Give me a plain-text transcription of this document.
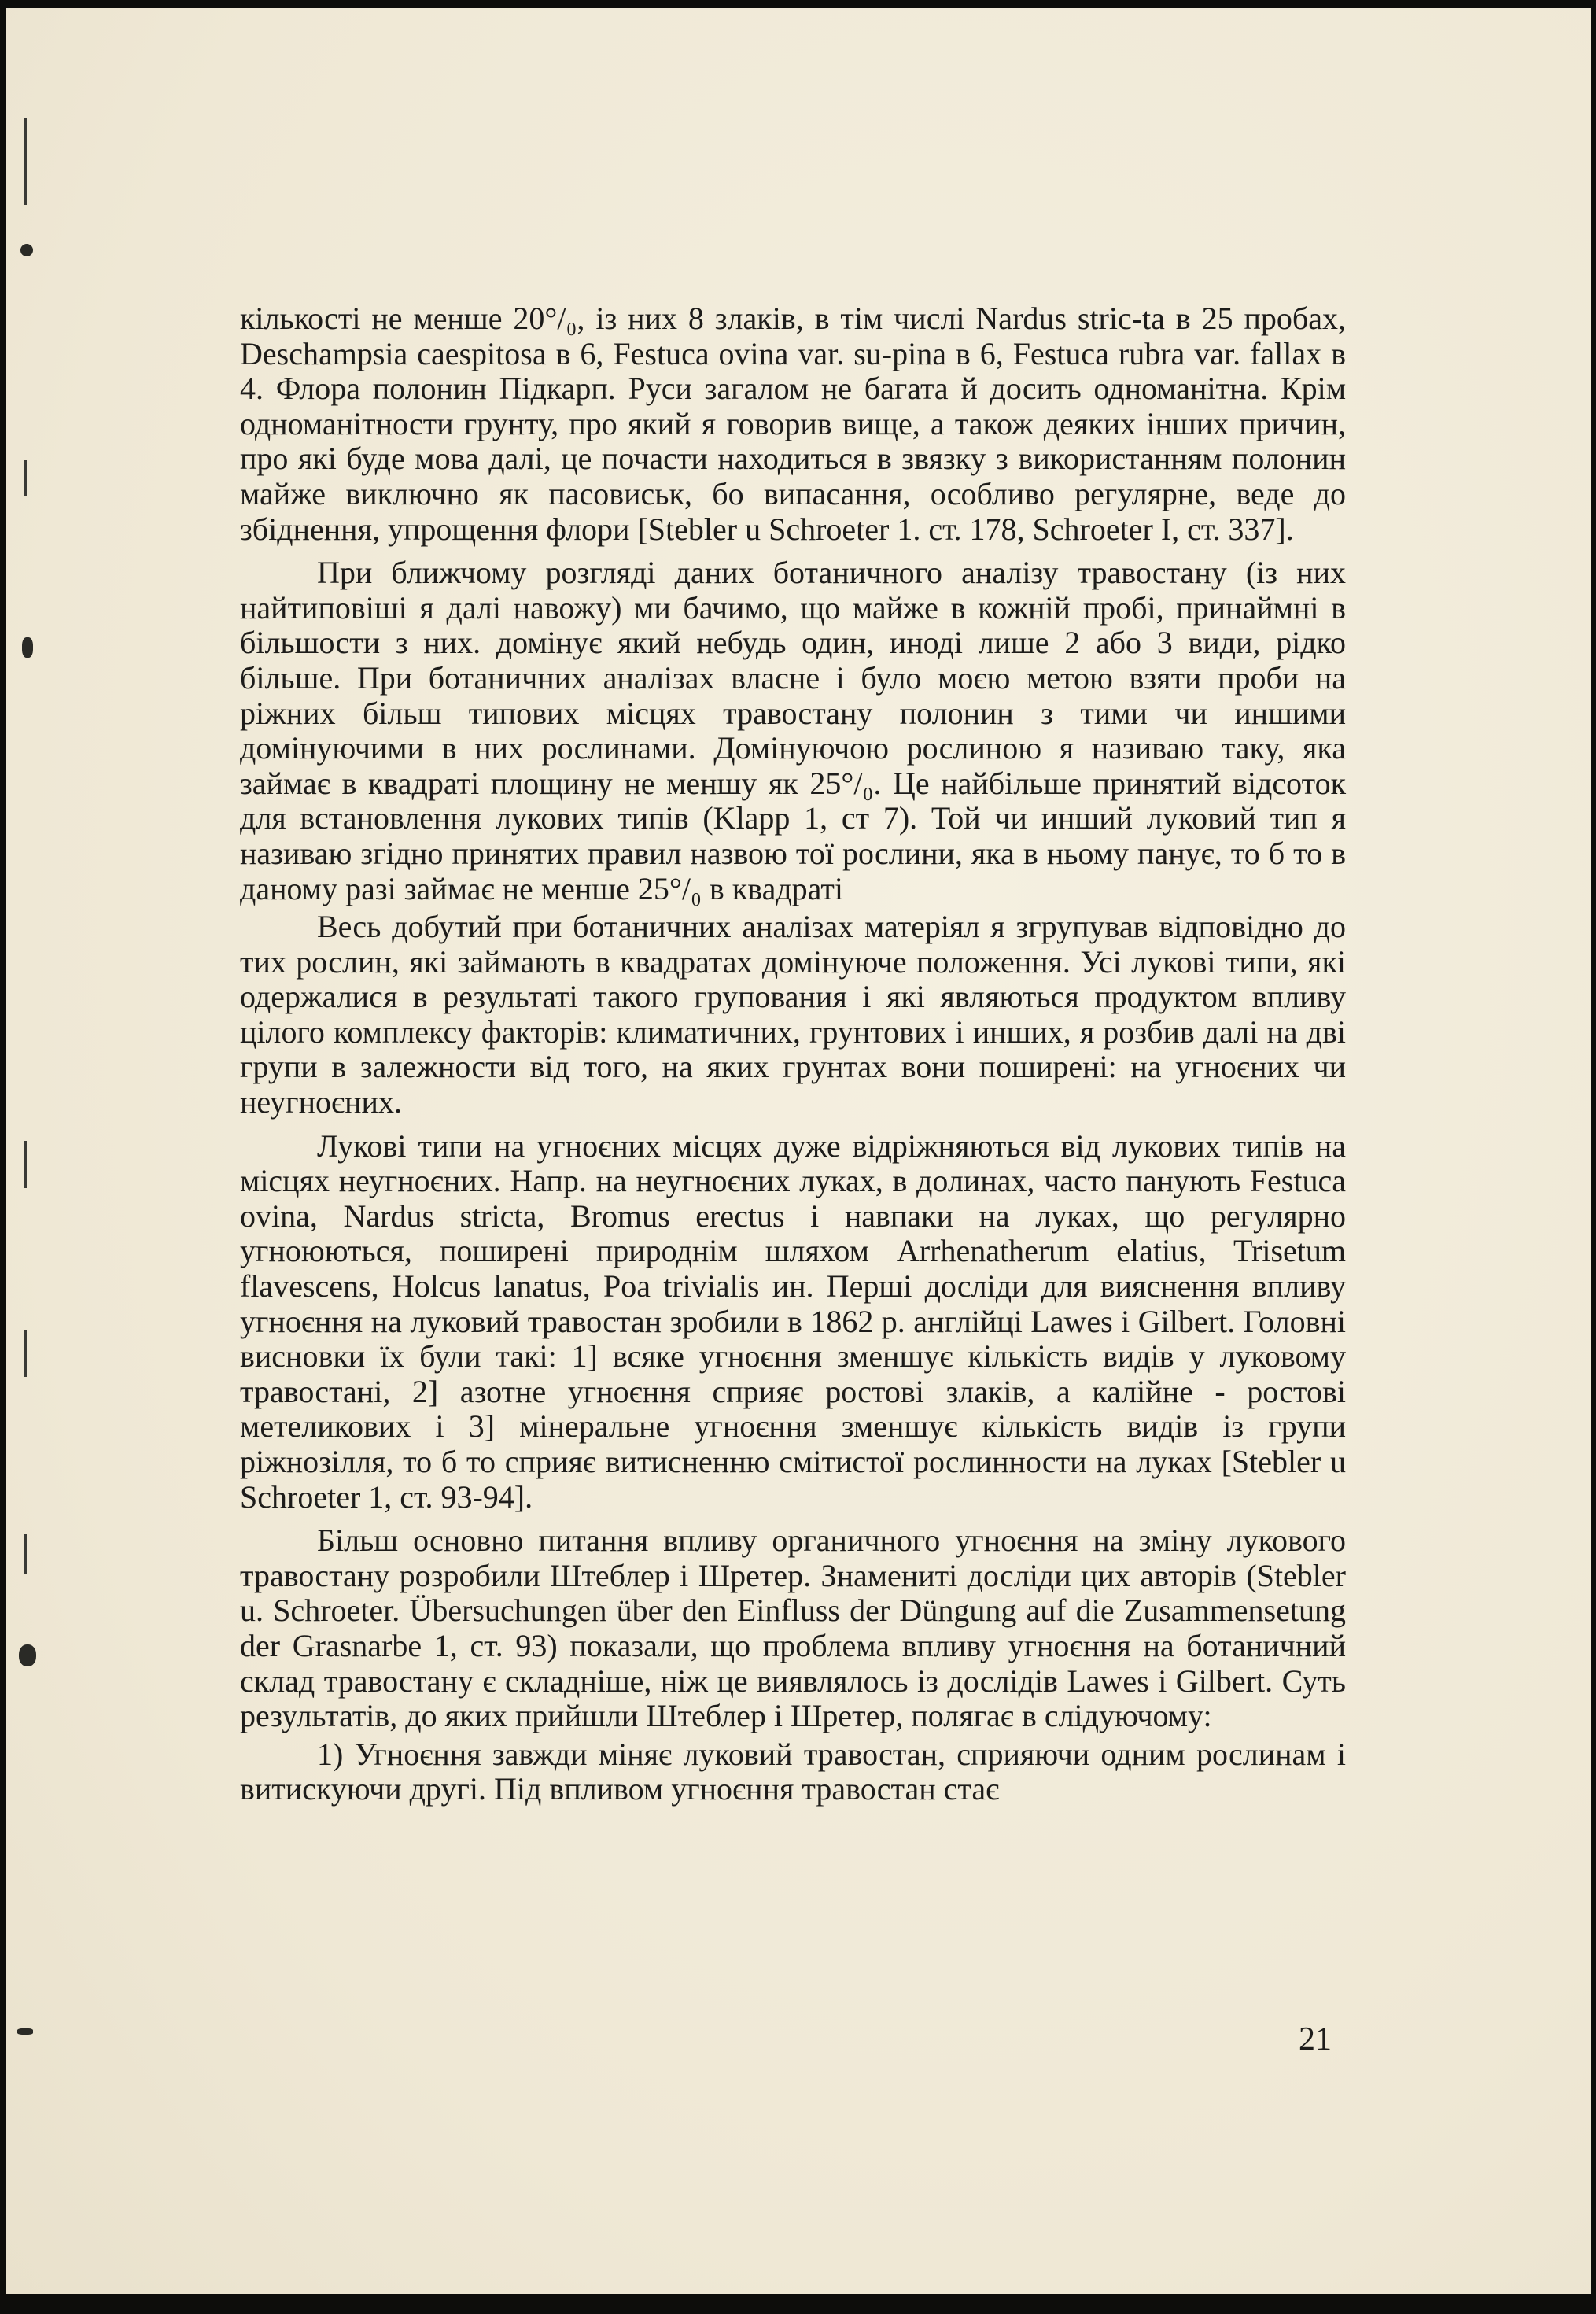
кількості не менше 20°/₀, із них 8 злаків, в тім числі Nardus stric-ta в 25 пробах, Deschampsia caespitosa в 6, Festuca ovina var. su-pina в 6, Festuca rubra var. fallax в 4. Флора полонин Підкарп. Руси загалом не багата й досить одноманітна. Крім одноманітности грунту, про який я говорив вище, а також деяких інших причин, про які буде мова далі, це почасти находиться в звязку з використанням полонин майже виключно як пасовиськ, бо випасання, особливо регулярне, веде до збіднення, упрощення флори [Stebler u Schroeter 1. ст. 178, Schroeter I, ст. 337].

При ближчому розгляді даних ботаничного аналізу травостану (із них найтиповіші я далі навожу) ми бачимо, що майже в кожній пробі, принаймні в більшости з них. домінує який небудь один, иноді лише 2 або 3 види, рідко більше. При ботаничних аналізах власне і було моєю метою взяти проби на ріжних більш типових місцях травостану полонин з тими чи иншими домінуючими в них рослинами. Домінуючою рослиною я називаю таку, яка займає в квадраті площину не меншу як 25°/₀. Це найбільше принятий відсоток для встановлення лукових типів (Klapp 1, ст 7). Той чи инший луковий тип я називаю згідно принятих правил назвою тої рослини, яка в ньому панує, то б то в даному разі займає не менше 25°/₀ в квадраті

Весь добутий при ботаничних аналізах матеріял я згрупував відповідно до тих рослин, які займають в квадратах домінуюче положення. Усі лукові типи, які одержалися в результаті такого групования і які являються продуктом впливу цілого комплексу факторів: климатичних, грунтових і инших, я розбив далі на дві групи в залежности від того, на яких грунтах вони поширені: на угноєних чи неугноєних.

Лукові типи на угноєних місцях дуже відріжняються від лукових типів на місцях неугноєних. Напр. на неугноєних луках, в долинах, часто панують Festuca ovina, Nardus stricta, Bromus erectus і навпаки на луках, що регулярно угноюються, поширені природнім шляхом Arrhenatherum elatius, Trisetum flavescens, Holcus lanatus, Poa trivialis ин. Перші досліди для вияснення впливу угноєння на луковий травостан зробили в 1862 р. англійці Lawes і Gilbert. Головні висновки їх були такі: 1] всяке угноєння зменшує кількість видів у луковому травостані, 2] азотне угноєння сприяє ростові злаків, а калійне - ростові метеликових і 3] мінеральне угноєння зменшує кількість видів із групи ріжнозілля, то б то сприяє витисненню смітистої рослинности на луках [Stebler u Schroeter 1, ст. 93-94].

Більш основно питання впливу органичного угноєння на зміну лукового травостану розробили Штеблер і Шретер. Знамениті досліди цих авторів (Stebler u. Schroeter. Übersuchungen über den Einfluss der Düngung auf die Zusammensetung der Grasnarbe 1, ст. 93) показали, що проблема впливу угноєння на ботаничний склад травостану є складніше, ніж це виявлялось із дослідів Lawes i Gilbert. Суть результатів, до яких прийшли Штеблер і Шретер, полягає в слідуючому:

1) Угноєння завжди міняє луковий травостан, сприяючи одним рослинам і витискуючи другі. Під впливом угноєння травостан стає

21
